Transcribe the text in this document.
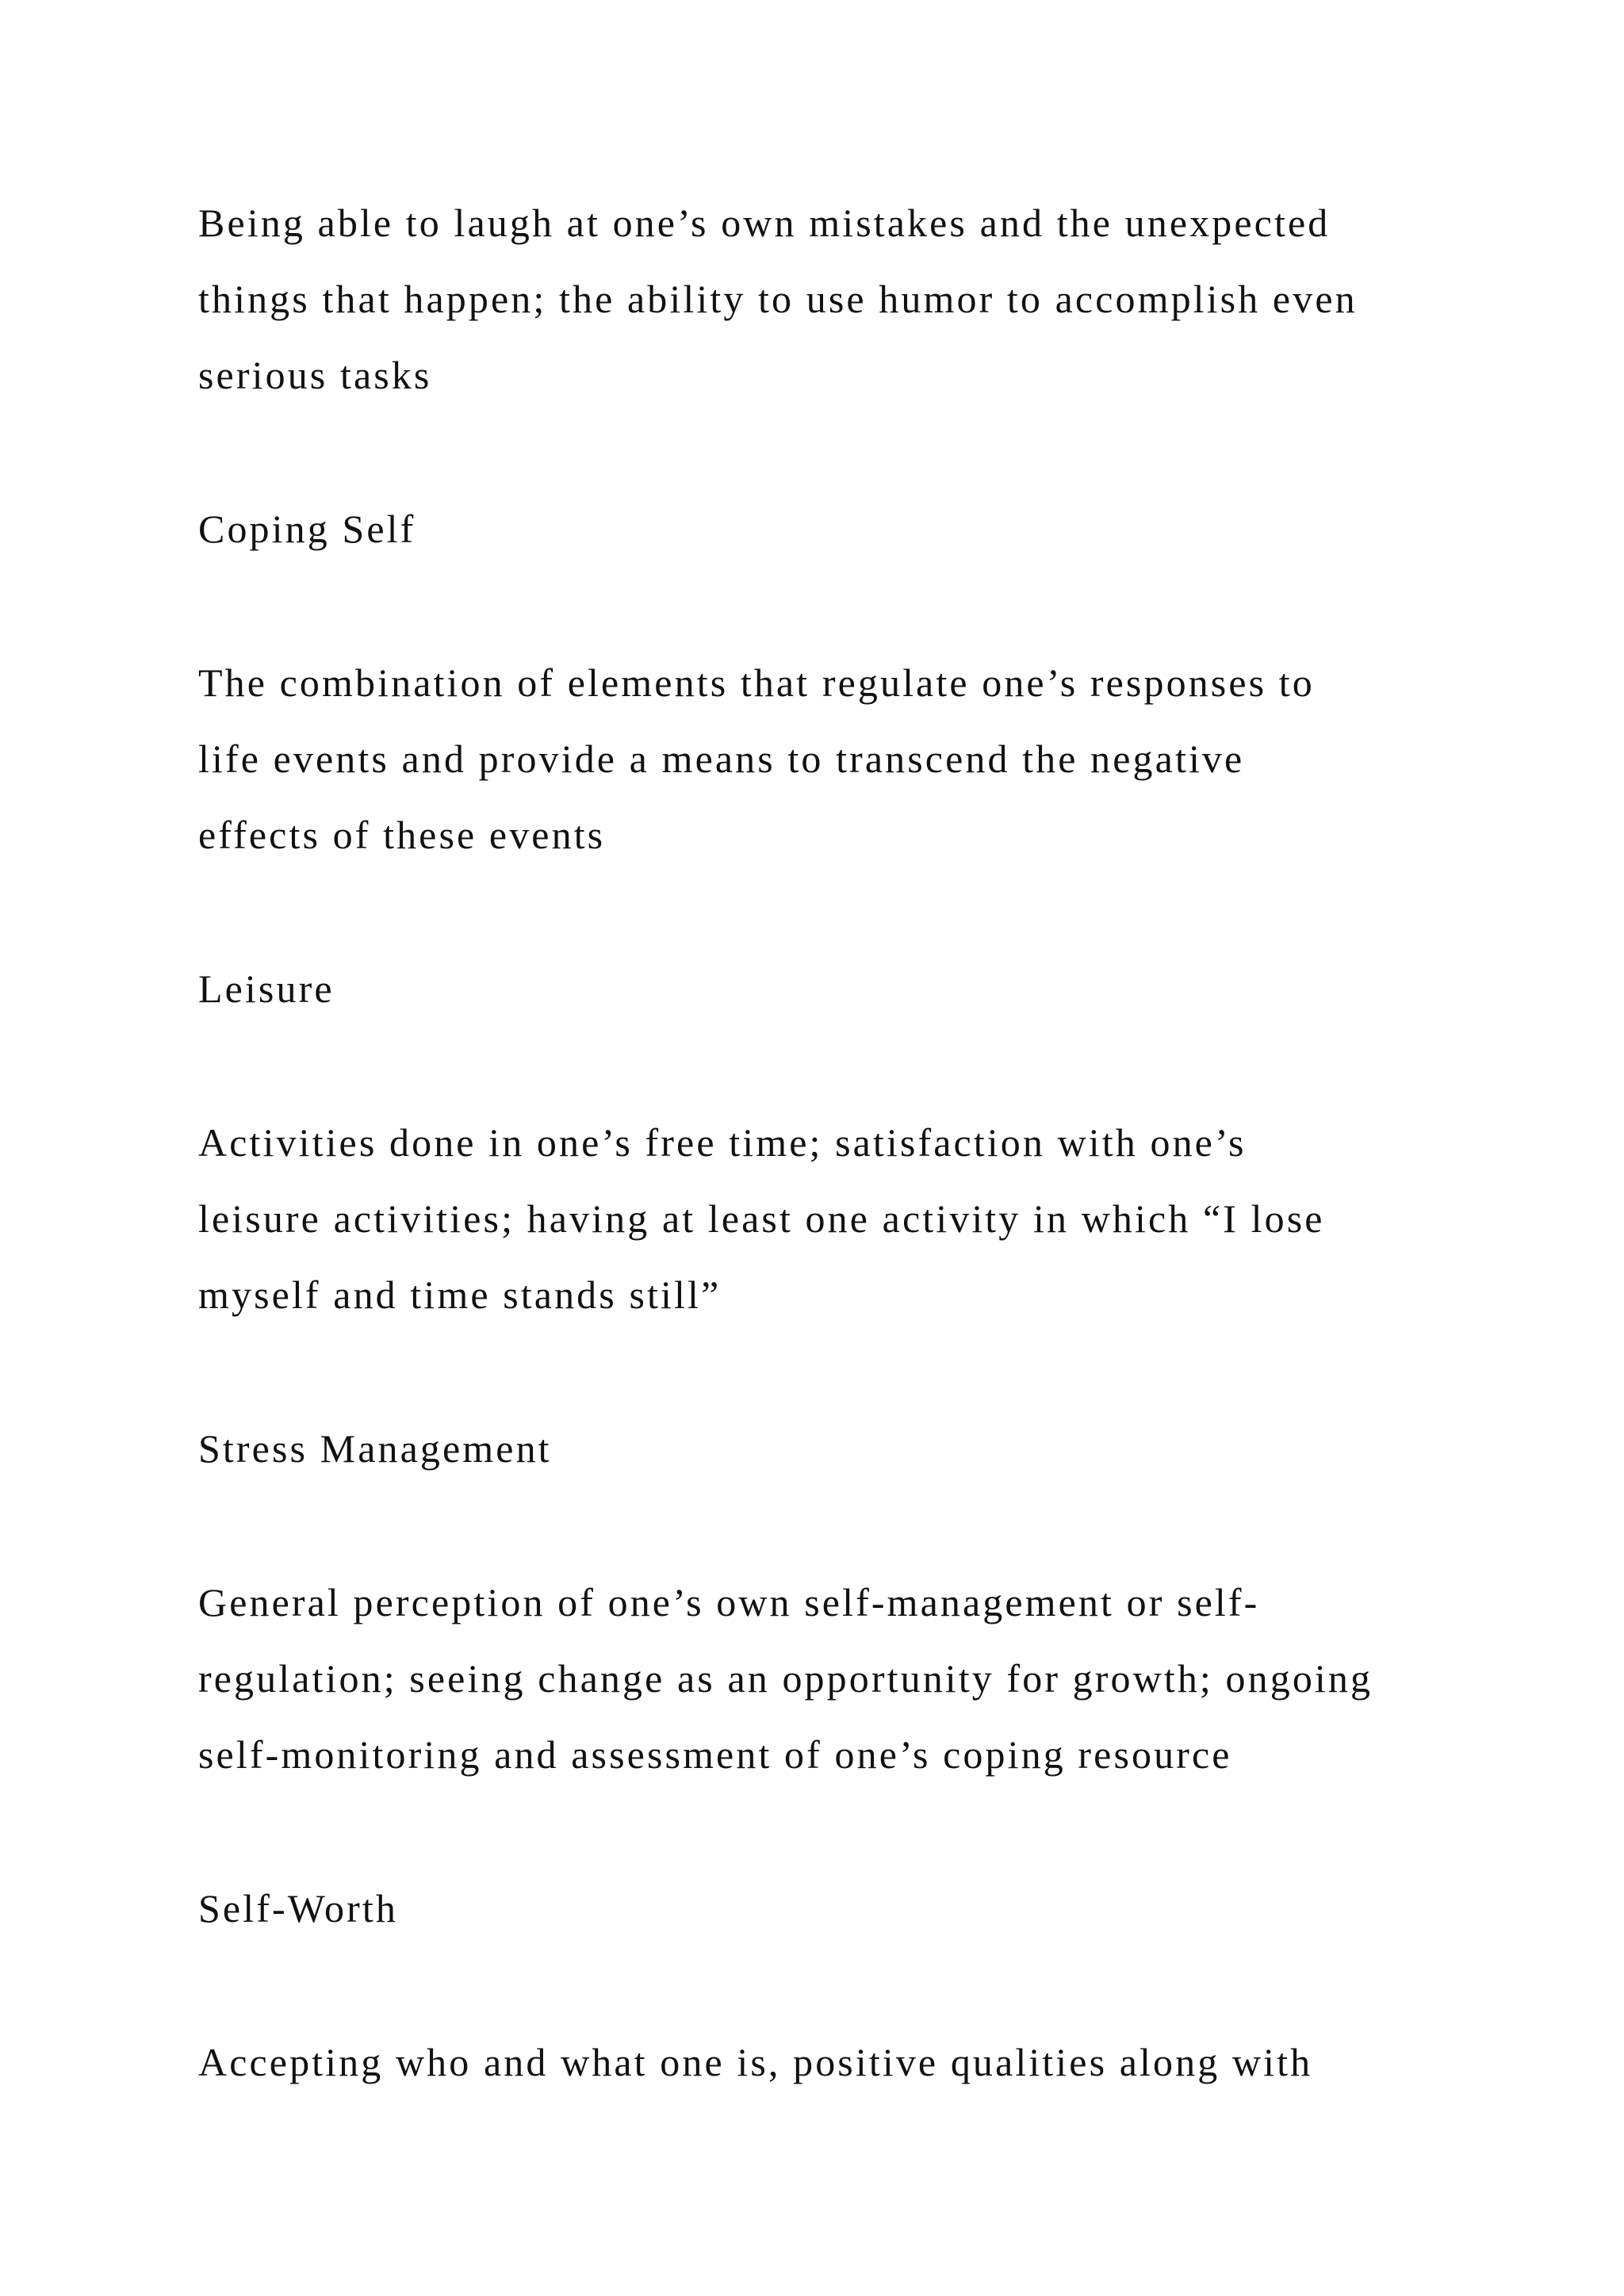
Being able to laugh at one’s own mistakes and the unexpected

things that happen; the ability to use humor to accomplish even

serious tasks

Coping Self

The combination of elements that regulate one’s responses to

life events and provide a means to transcend the negative

effects of these events

Leisure

Activities done in one’s free time; satisfaction with one’s

leisure activities; having at least one activity in which “I lose

myself and time stands still”

Stress Management

General perception of one’s own self-management or self-

regulation; seeing change as an opportunity for growth; ongoing

self-monitoring and assessment of one’s coping resource

Self-Worth

Accepting who and what one is, positive qualities along with
